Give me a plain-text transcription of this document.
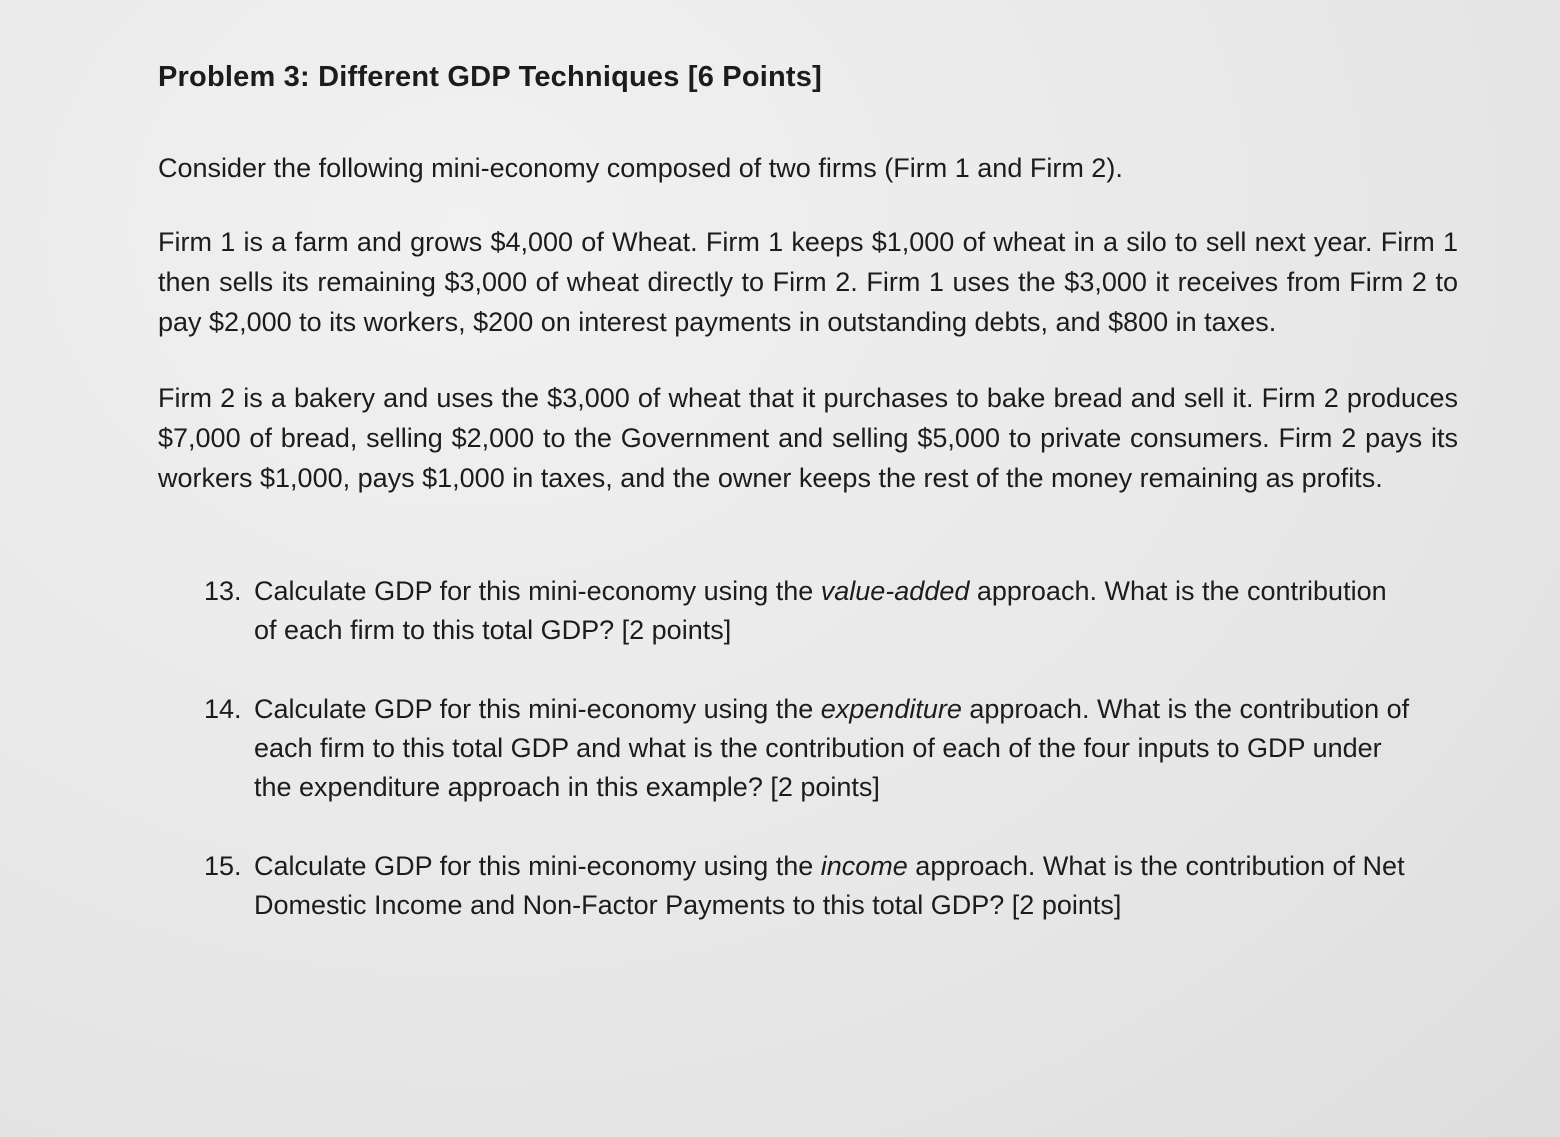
Problem 3: Different GDP Techniques [6 Points]

Consider the following mini-economy composed of two firms (Firm 1 and Firm 2).

Firm 1 is a farm and grows $4,000 of Wheat. Firm 1 keeps $1,000 of wheat in a silo to sell next year. Firm 1 then sells its remaining $3,000 of wheat directly to Firm 2. Firm 1 uses the $3,000 it receives from Firm 2 to pay $2,000 to its workers, $200 on interest payments in outstanding debts, and $800 in taxes.

Firm 2 is a bakery and uses the $3,000 of wheat that it purchases to bake bread and sell it. Firm 2 produces $7,000 of bread, selling $2,000 to the Government and selling $5,000 to private consumers. Firm 2 pays its workers $1,000, pays $1,000 in taxes, and the owner keeps the rest of the money remaining as profits.

13. Calculate GDP for this mini-economy using the value-added approach. What is the contribution of each firm to this total GDP? [2 points]
14. Calculate GDP for this mini-economy using the expenditure approach. What is the contribution of each firm to this total GDP and what is the contribution of each of the four inputs to GDP under the expenditure approach in this example? [2 points]
15. Calculate GDP for this mini-economy using the income approach. What is the contribution of Net Domestic Income and Non-Factor Payments to this total GDP? [2 points]
